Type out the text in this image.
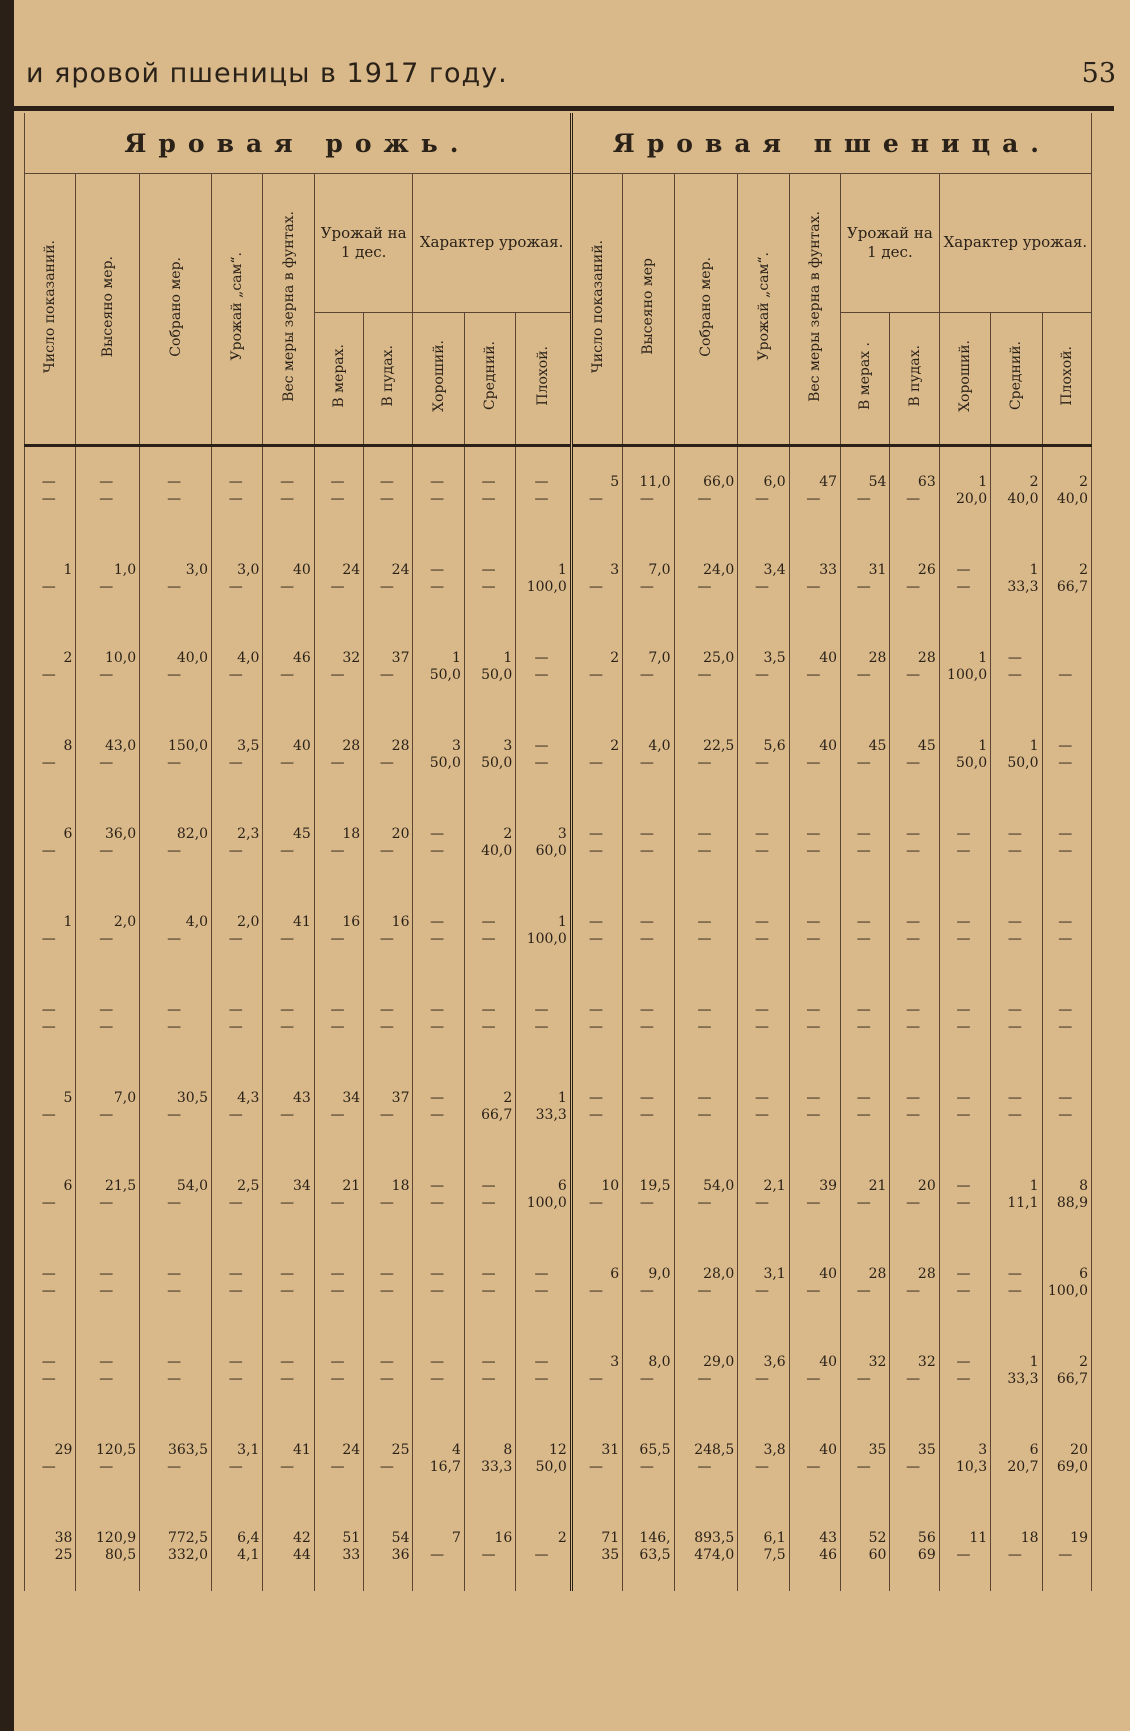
и яровой пшеницы в 1917 году.	53
Яровая рожь.										Яровая пшеница.									
Число показаний.	Высеяно мер.	Собрано мер.	Урожай „сам“.	Вес меры зерна в фунтах.	Урожай на 1 дес.		Характер урожая.			Число показаний.	Высеяно мер	Собрано мер.	Урожай „сам“.	Вес меры зерна в фунтах.	Урожай на 1 дес.		Характер урожая.		
					В мерах.	В пудах.	Хороший.	Средний.	Плохой.						В мерах .	В пудах.	Хороший.	Средний.	Плохой.
—	—	—	—	—	—	—	—	—	—	5	11,0	66,0	6,0	47	54	63	1	2	2
—	—	—	—	—	—	—	—	—	—	—	—	—	—	—	—	—	20,0	40,0	40,0
1	1,0	3,0	3,0	40	24	24	—	—	1	3	7,0	24,0	3,4	33	31	26	—	1	2
—	—	—	—	—	—	—	—	—	100,0	—	—	—	—	—	—	—	—	33,3	66,7
2	10,0	40,0	4,0	46	32	37	1	1	—	2	7,0	25,0	3,5	40	28	28	1	—	
—	—	—	—	—	—	—	50,0	50,0	—	—	—	—	—	—	—	—	100,0	—	—
8	43,0	150,0	3,5	40	28	28	3	3	—	2	4,0	22,5	5,6	40	45	45	1	1	—
—	—	—	—	—	—	—	50,0	50,0	—	—	—	—	—	—	—	—	50,0	50,0	—
6	36,0	82,0	2,3	45	18	20	—	2	3	—	—	—	—	—	—	—	—	—	—
—	—	—	—	—	—	—	—	40,0	60,0	—	—	—	—	—	—	—	—	—	—
1	2,0	4,0	2,0	41	16	16	—	—	1	—	—	—	—	—	—	—	—	—	—
—	—	—	—	—	—	—	—	—	100,0	—	—	—	—	—	—	—	—	—	—
—	—	—	—	—	—	—	—	—	—	—	—	—	—	—	—	—	—	—	—
—	—	—	—	—	—	—	—	—	—	—	—	—	—	—	—	—	—	—	—
5	7,0	30,5	4,3	43	34	37	—	2	1	—	—	—	—	—	—	—	—	—	—
—	—	—	—	—	—	—	—	66,7	33,3	—	—	—	—	—	—	—	—	—	—
6	21,5	54,0	2,5	34	21	18	—	—	6	10	19,5	54,0	2,1	39	21	20	—	1	8
—	—	—	—	—	—	—	—	—	100,0	—	—	—	—	—	—	—	—	11,1	88,9
—	—	—	—	—	—	—	—	—	—	6	9,0	28,0	3,1	40	28	28	—	—	6
—	—	—	—	—	—	—	—	—	—	—	—	—	—	—	—	—	—	—	100,0
—	—	—	—	—	—	—	—	—	—	3	8,0	29,0	3,6	40	32	32	—	1	2
—	—	—	—	—	—	—	—	—	—	—	—	—	—	—	—	—	—	33,3	66,7
29	120,5	363,5	3,1	41	24	25	4	8	12	31	65,5	248,5	3,8	40	35	35	3	6	20
—	—	—	—	—	—	—	16,7	33,3	50,0	—	—	—	—	—	—	—	10,3	20,7	69,0
38	120,9	772,5	6,4	42	51	54	7	16	2	71	146,	893,5	6,1	43	52	56	11	18	19
25	80,5	332,0	4,1	44	33	36	—	—	—	35	63,5	474,0	7,5	46	60	69	—	—	—
